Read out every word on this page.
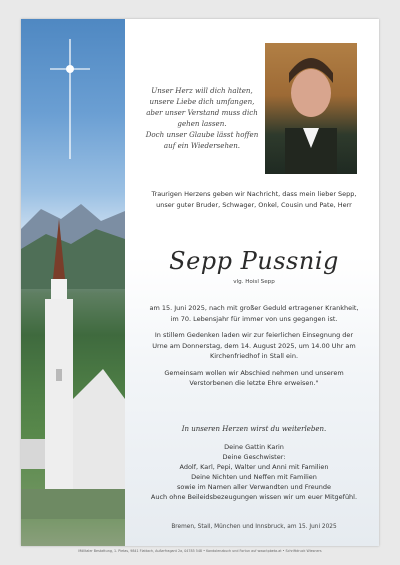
Unser Herz will dich halten,
unsere Liebe dich umfangen,
aber unser Verstand muss dich
gehen lassen.
Doch unser Glaube lässt hoffen
auf ein Wiedersehen.
Traurigen Herzens geben wir Nachricht, dass mein lieber Sepp,
unser guter Bruder, Schwager, Onkel, Cousin und Pate, Herr
Sepp Pussnig
vlg. Hoisl Sepp

am 15. Juni 2025, nach mit großer Geduld ertragener Krankheit, im 70. Lebensjahr für immer von uns gegangen ist.

In stillem Gedenken laden wir zur feierlichen Einsegnung der Urne am Donnerstag, dem 14. August 2025, um 14.00 Uhr am Kirchenfriedhof in Stall ein.

Gemeinsam wollen wir Abschied nehmen und unserem Verstorbenen die letzte Ehre erweisen."

In unseren Herzen wirst du weiterleben.
Deine Gattin Karin
Deine Geschwister:
Adolf, Karl, Pepi, Walter und Anni mit Familien
Deine Nichten und Neffen mit Familien
sowie im Namen aller Verwandten und Freunde
Auch ohne Beileidsbezeugungen wissen wir um euer Mitgefühl.
Bremen, Stall, München und Innsbruck, am 15. Juni 2025
Mölltaler Bestattung, 1. Pietas, 9841 Flattach, Außerfragant 2a, 04785 548 • Kondolenzbuch und Fortun auf www.tpbeta.at • Schriftdruck Wiesners
